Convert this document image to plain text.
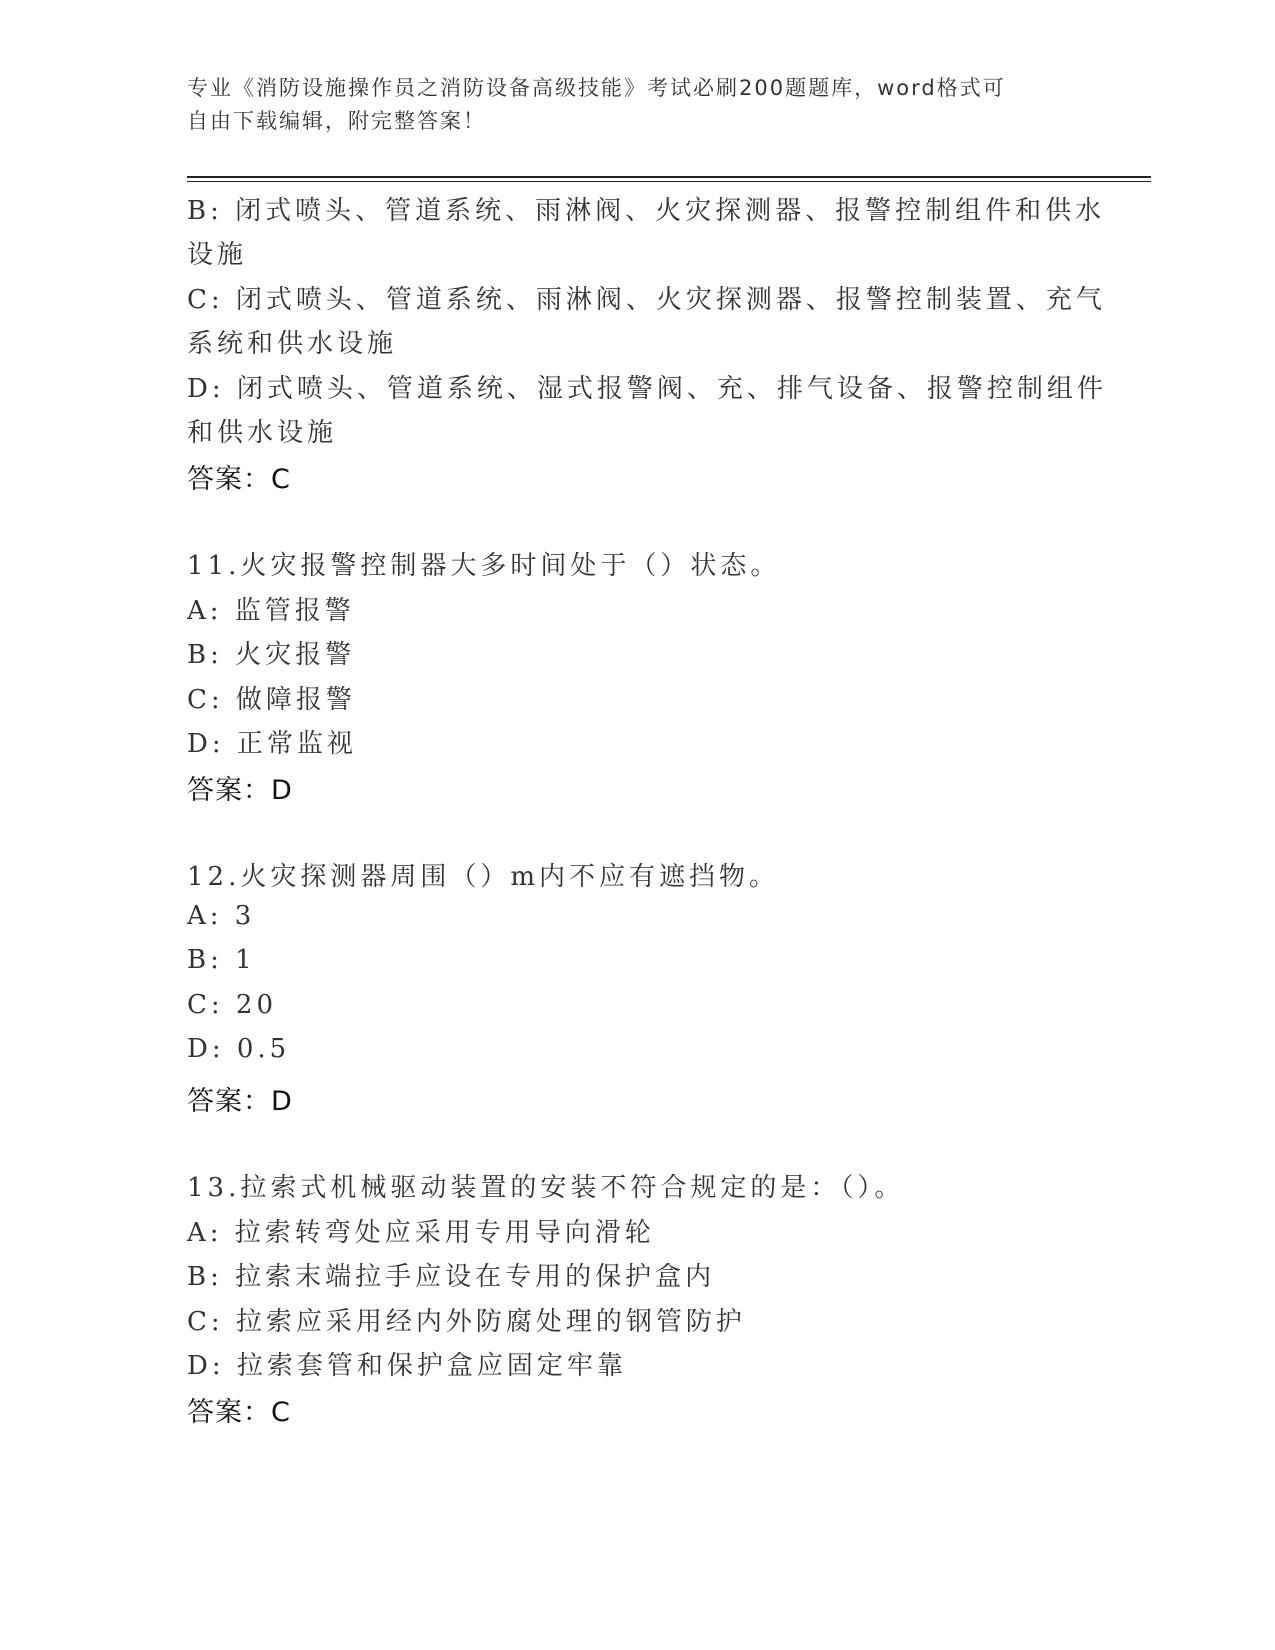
专业《消防设施操作员之消防设备高级技能》考试必刷200题题库，word格式可
自由下载编辑，附完整答案！
B: 闭式喷头、管道系统、雨淋阀、火灾探测器、报警控制组件和供水
设施
C: 闭式喷头、管道系统、雨淋阀、火灾探测器、报警控制装置、充气
系统和供水设施
D: 闭式喷头、管道系统、湿式报警阀、充、排气设备、报警控制组件
和供水设施
答案：C
11.火灾报警控制器大多时间处于（）状态。
A: 监管报警
B: 火灾报警
C: 做障报警
D: 正常监视
答案：D
12.火灾探测器周围（）m内不应有遮挡物。
A: 3
B: 1
C: 20
D: 0.5
答案：D
13.拉索式机械驱动装置的安装不符合规定的是：（）。
A: 拉索转弯处应采用专用导向滑轮
B: 拉索末端拉手应设在专用的保护盒内
C: 拉索应采用经内外防腐处理的钢管防护
D: 拉索套管和保护盒应固定牢靠
答案：C
